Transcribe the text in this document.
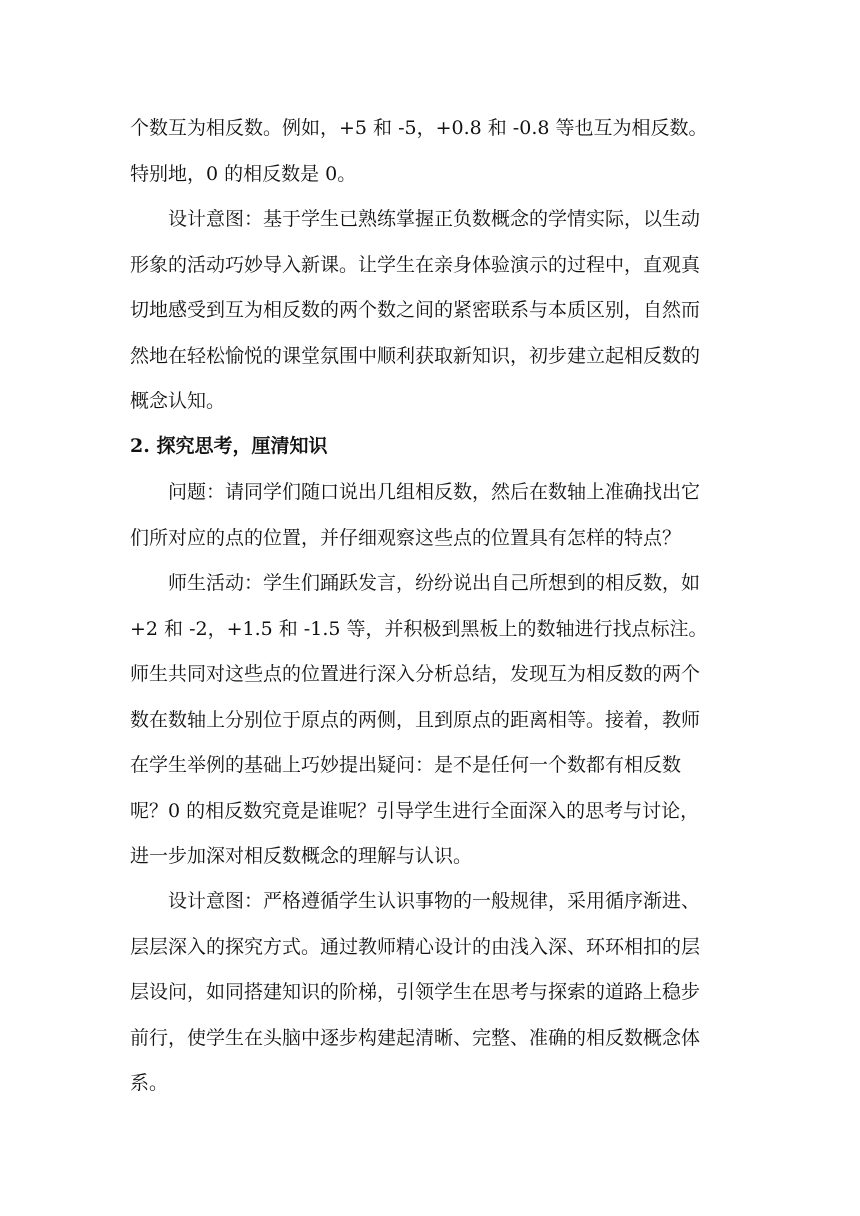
个数互为相反数。例如，+5 和 -5，+0.8 和 -0.8 等也互为相反数。
特别地，0 的相反数是 0。

设计意图：基于学生已熟练掌握正负数概念的学情实际，以生动
形象的活动巧妙导入新课。让学生在亲身体验演示的过程中，直观真
切地感受到互为相反数的两个数之间的紧密联系与本质区别，自然而
然地在轻松愉悦的课堂氛围中顺利获取新知识，初步建立起相反数的
概念认知。

2. 探究思考，厘清知识

问题：请同学们随口说出几组相反数，然后在数轴上准确找出它
们所对应的点的位置，并仔细观察这些点的位置具有怎样的特点？

师生活动：学生们踊跃发言，纷纷说出自己所想到的相反数，如
+2 和 -2，+1.5 和 -1.5 等，并积极到黑板上的数轴进行找点标注。
师生共同对这些点的位置进行深入分析总结，发现互为相反数的两个
数在数轴上分别位于原点的两侧，且到原点的距离相等。接着，教师
在学生举例的基础上巧妙提出疑问：是不是任何一个数都有相反数
呢？0 的相反数究竟是谁呢？引导学生进行全面深入的思考与讨论，
进一步加深对相反数概念的理解与认识。

设计意图：严格遵循学生认识事物的一般规律，采用循序渐进、
层层深入的探究方式。通过教师精心设计的由浅入深、环环相扣的层
层设问，如同搭建知识的阶梯，引领学生在思考与探索的道路上稳步
前行，使学生在头脑中逐步构建起清晰、完整、准确的相反数概念体
系。
